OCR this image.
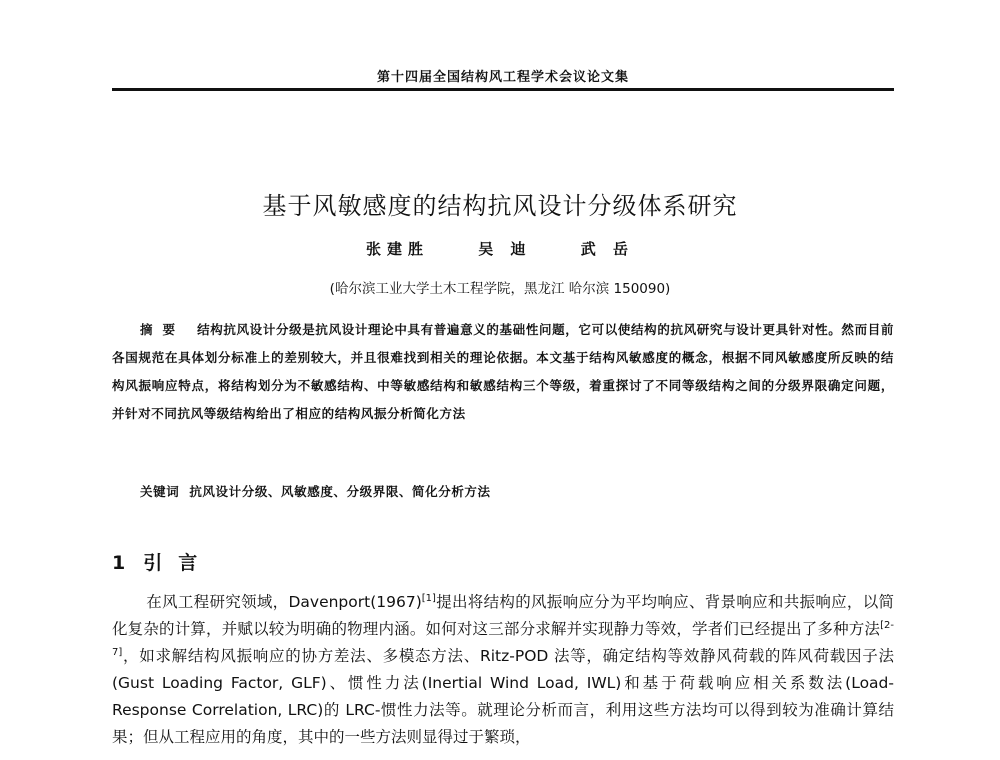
第十四届全国结构风工程学术会议论文集
基于风敏感度的结构抗风设计分级体系研究
张建胜	吴 迪	武 岳
(哈尔滨工业大学土木工程学院，黑龙江 哈尔滨 150090)
摘要 结构抗风设计分级是抗风设计理论中具有普遍意义的基础性问题，它可以使结构的抗风研究与设计更具针对性。然而目前各国规范在具体划分标准上的差别较大，并且很难找到相关的理论依据。本文基于结构风敏感度的概念，根据不同风敏感度所反映的结构风振响应特点，将结构划分为不敏感结构、中等敏感结构和敏感结构三个等级，着重探讨了不同等级结构之间的分级界限确定问题，并针对不同抗风等级结构给出了相应的结构风振分析简化方法
关键词 抗风设计分级、风敏感度、分级界限、简化分析方法
1 引言
在风工程研究领域，Davenport(1967)[1]提出将结构的风振响应分为平均响应、背景响应和共振响应，以简化复杂的计算，并赋以较为明确的物理内涵。如何对这三部分求解并实现静力等效，学者们已经提出了多种方法[2-7]，如求解结构风振响应的协方差法、多模态方法、Ritz-POD 法等，确定结构等效静风荷载的阵风荷载因子法(Gust Loading Factor, GLF)、惯性力法(Inertial Wind Load, IWL)和基于荷载响应相关系数法(Load-Response Correlation, LRC)的 LRC-惯性力法等。就理论分析而言，利用这些方法均可以得到较为准确计算结果；但从工程应用的角度，其中的一些方法则显得过于繁琐，
